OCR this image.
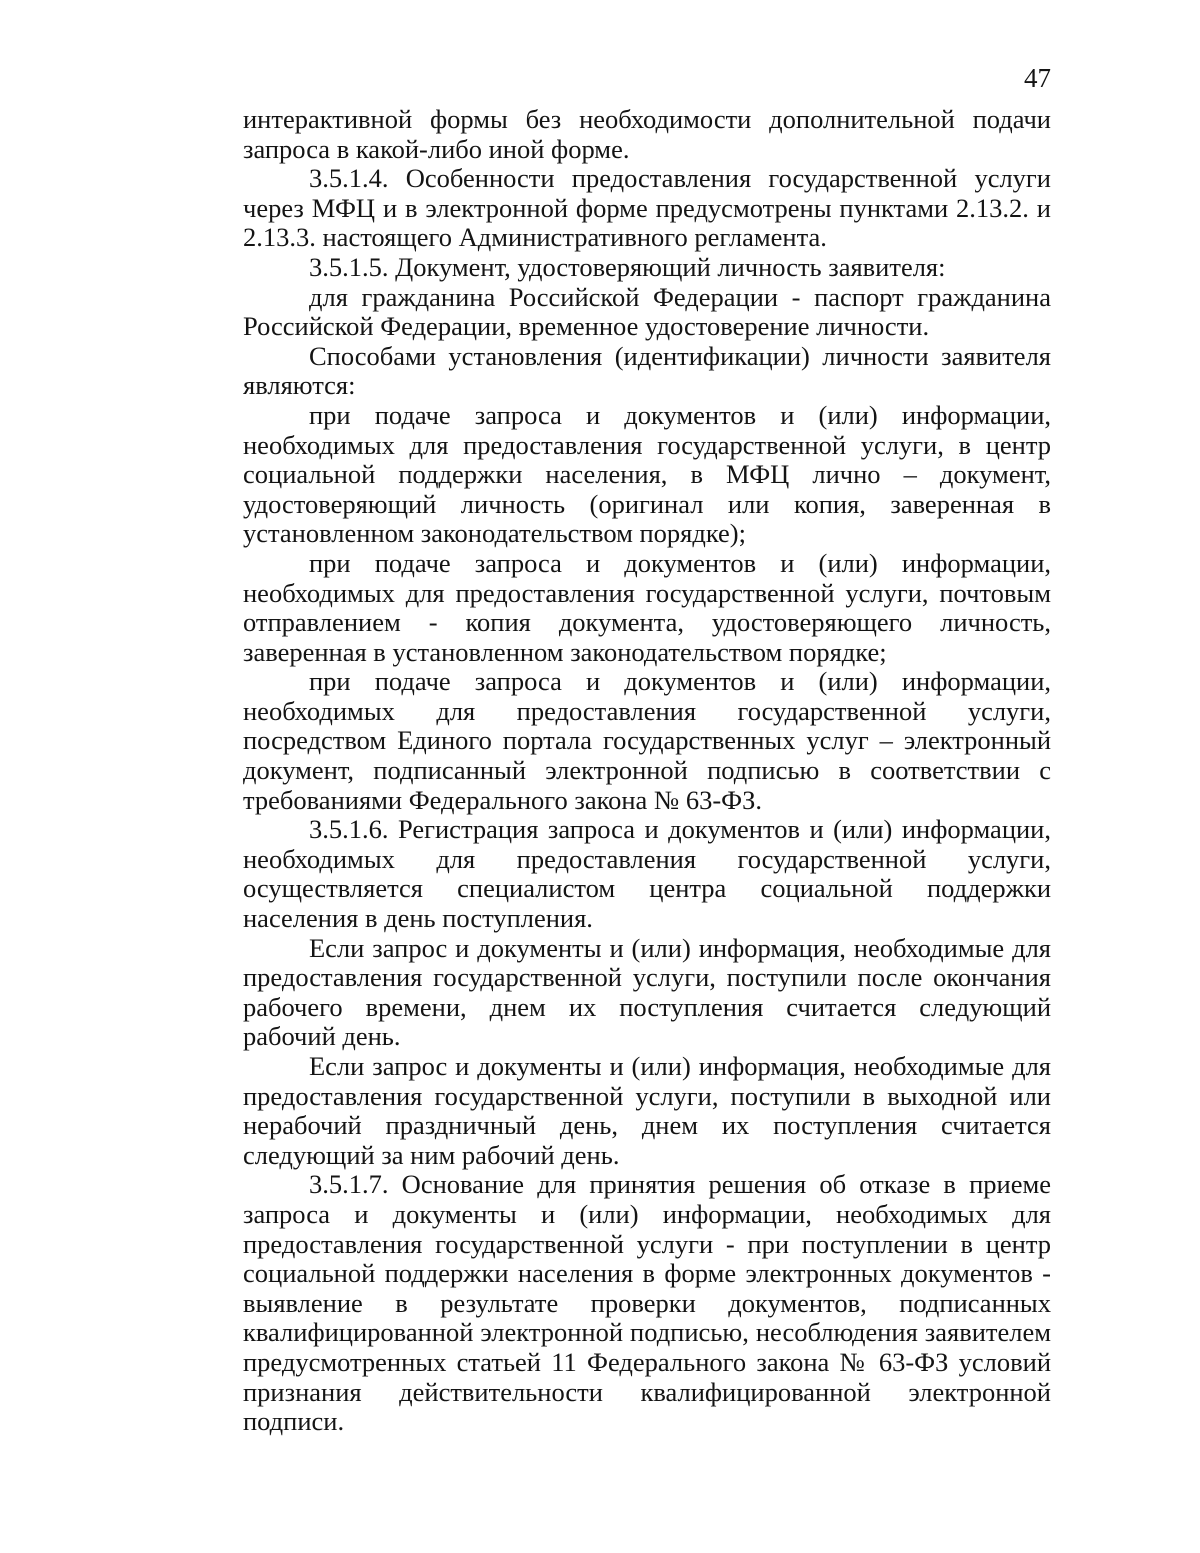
47

интерактивной формы без необходимости дополнительной подачи запроса в какой-либо иной форме.

3.5.1.4. Особенности предоставления государственной услуги через МФЦ и в электронной форме предусмотрены пунктами 2.13.2. и 2.13.3. настоящего Административного регламента.

3.5.1.5. Документ, удостоверяющий личность заявителя:

для гражданина Российской Федерации - паспорт гражданина Российской Федерации, временное удостоверение личности.

Способами установления (идентификации) личности заявителя являются:

при подаче запроса и документов и (или) информации, необходимых для предоставления государственной услуги, в центр социальной поддержки населения, в МФЦ лично – документ, удостоверяющий личность (оригинал или копия, заверенная в установленном законодательством порядке);

при подаче запроса и документов и (или) информации, необходимых для предоставления государственной услуги, почтовым отправлением - копия документа, удостоверяющего личность, заверенная в установленном законодательством порядке;

при подаче запроса и документов и (или) информации, необходимых для предоставления государственной услуги, посредством Единого портала государственных услуг – электронный документ, подписанный электронной подписью в соответствии с требованиями Федерального закона № 63-ФЗ.

3.5.1.6. Регистрация запроса и документов и (или) информации, необходимых для предоставления государственной услуги, осуществляется специалистом центра социальной поддержки населения в день поступления.

Если запрос и документы и (или) информация, необходимые для предоставления государственной услуги, поступили после окончания рабочего времени, днем их поступления считается следующий рабочий день.

Если запрос и документы и (или) информация, необходимые для предоставления государственной услуги, поступили в выходной или нерабочий праздничный день, днем их поступления считается следующий за ним рабочий день.

3.5.1.7. Основание для принятия решения об отказе в приеме запроса и документы и (или) информации, необходимых для предоставления государственной услуги - при поступлении в центр социальной поддержки населения в форме электронных документов - выявление в результате проверки документов, подписанных квалифицированной электронной подписью, несоблюдения заявителем предусмотренных статьей 11 Федерального закона № 63-ФЗ условий признания действительности квалифицированной электронной подписи.
